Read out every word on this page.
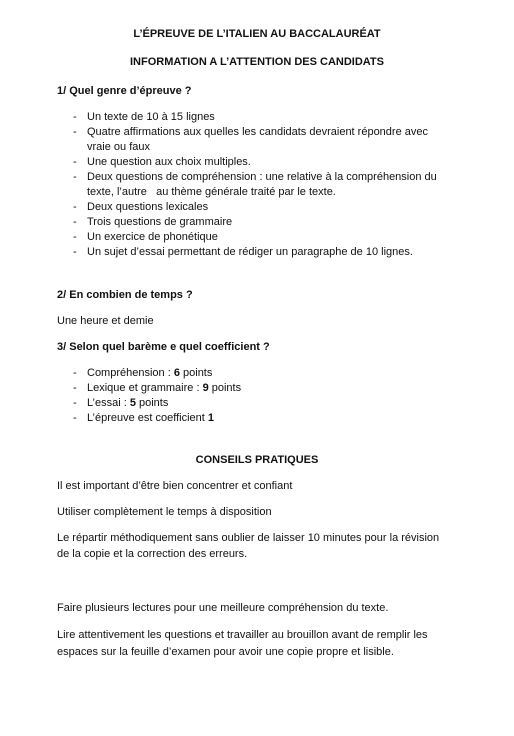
L’ÉPREUVE DE L’ITALIEN AU BACCALAURÉAT
INFORMATION A L’ATTENTION DES CANDIDATS
1/ Quel genre d’épreuve ?
- Un texte de 10 à 15 lignes
- Quatre affirmations aux quelles les candidats devraient répondre avec
vraie ou faux
- Une question aux choix multiples.
- Deux questions de compréhension : une relative à la compréhension du
texte, l’autre   au thème générale traité par le texte.
- Deux questions lexicales
- Trois questions de grammaire
- Un exercice de phonétique
- Un sujet d’essai permettant de rédiger un paragraphe de 10 lignes.
2/ En combien de temps ?
Une heure et demie
3/ Selon quel barème e quel coefficient ?
- Compréhension : 6 points
- Lexique et grammaire : 9 points
- L’essai : 5 points
- L’épreuve est coefficient 1
CONSEILS PRATIQUES
Il est important d’être bien concentrer et confiant
Utiliser complètement le temps à disposition
Le répartir méthodiquement sans oublier de laisser 10 minutes pour la révision
de la copie et la correction des erreurs.
Faire plusieurs lectures pour une meilleure compréhension du texte.
Lire attentivement les questions et travailler au brouillon avant de remplir les
espaces sur la feuille d’examen pour avoir une copie propre et lisible.
